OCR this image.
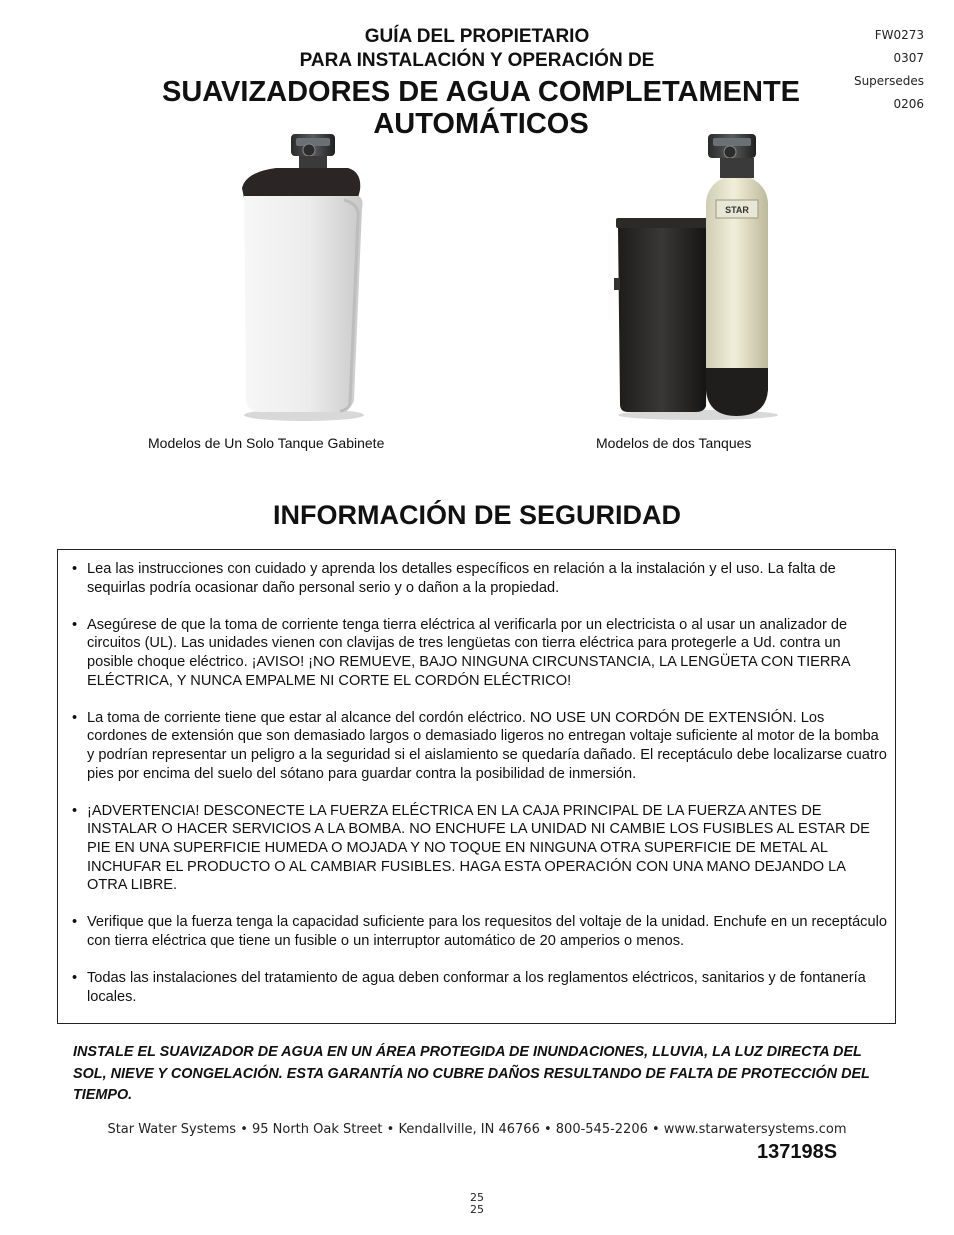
GUÍA DEL PROPIETARIO
PARA INSTALACIÓN Y OPERACIÓN DE
SUAVIZADORES DE AGUA COMPLETAMENTE
AUTOMÁTICOS
FW0273
0307
Supersedes
0206
STAR
Modelos de Un Solo Tanque Gabinete	Modelos de dos Tanques
INFORMACIÓN DE SEGURIDAD
• Lea las instrucciones con cuidado y aprenda los detalles específicos en relación a la instalación y el uso. La falta de sequirlas podría ocasionar daño personal serio y o dañon a la propiedad.
• Asegúrese de que la toma de corriente tenga tierra eléctrica al verificarla por un electricista o al usar un analizador de circuitos (UL). Las unidades vienen con clavijas de tres lengüetas con tierra eléctrica para protegerle a Ud. contra un posible choque eléctrico. ¡AVISO! ¡NO REMUEVE, BAJO NINGUNA CIRCUNSTANCIA, LA LENGÜETA CON TIERRA ELÉCTRICA, Y NUNCA EMPALME NI CORTE EL CORDÓN ELÉCTRICO!
• La toma de corriente tiene que estar al alcance del cordón eléctrico. NO USE UN CORDÓN DE EXTENSIÓN. Los cordones de extensión que son demasiado largos o demasiado ligeros no entregan voltaje suficiente al motor de la bomba y podrían representar un peligro a la seguridad si el aislamiento se quedaría dañado. El receptáculo debe localizarse cuatro pies por encima del suelo del sótano para guardar contra la posibilidad de inmersión.
• ¡ADVERTENCIA! DESCONECTE LA FUERZA ELÉCTRICA EN LA CAJA PRINCIPAL DE LA FUERZA ANTES DE INSTALAR O HACER SERVICIOS A LA BOMBA. NO ENCHUFE LA UNIDAD NI CAMBIE LOS FUSIBLES AL ESTAR DE PIE EN UNA SUPERFICIE HUMEDA O MOJADA Y NO TOQUE EN NINGUNA OTRA SUPERFICIE DE METAL AL INCHUFAR EL PRODUCTO O AL CAMBIAR FUSIBLES. HAGA ESTA OPERACIÓN CON UNA MANO DEJANDO LA OTRA LIBRE.
• Verifique que la fuerza tenga la capacidad suficiente para los requesitos del voltaje de la unidad. Enchufe en un receptáculo con tierra eléctrica que tiene un fusible o un interruptor automático de 20 amperios o menos.
• Todas las instalaciones del tratamiento de agua deben conformar a los reglamentos eléctricos, sanitarios y de fontanería locales.
INSTALE EL SUAVIZADOR DE AGUA EN UN ÁREA PROTEGIDA DE INUNDACIONES, LLUVIA, LA LUZ DIRECTA DEL SOL, NIEVE Y CONGELACIÓN. ESTA GARANTÍA NO CUBRE DAÑOS RESULTANDO DE FALTA DE PROTECCIÓN DEL TIEMPO.
Star Water Systems • 95 North Oak Street • Kendallville, IN 46766 • 800-545-2206 • www.starwatersystems.com
137198S
25
25
